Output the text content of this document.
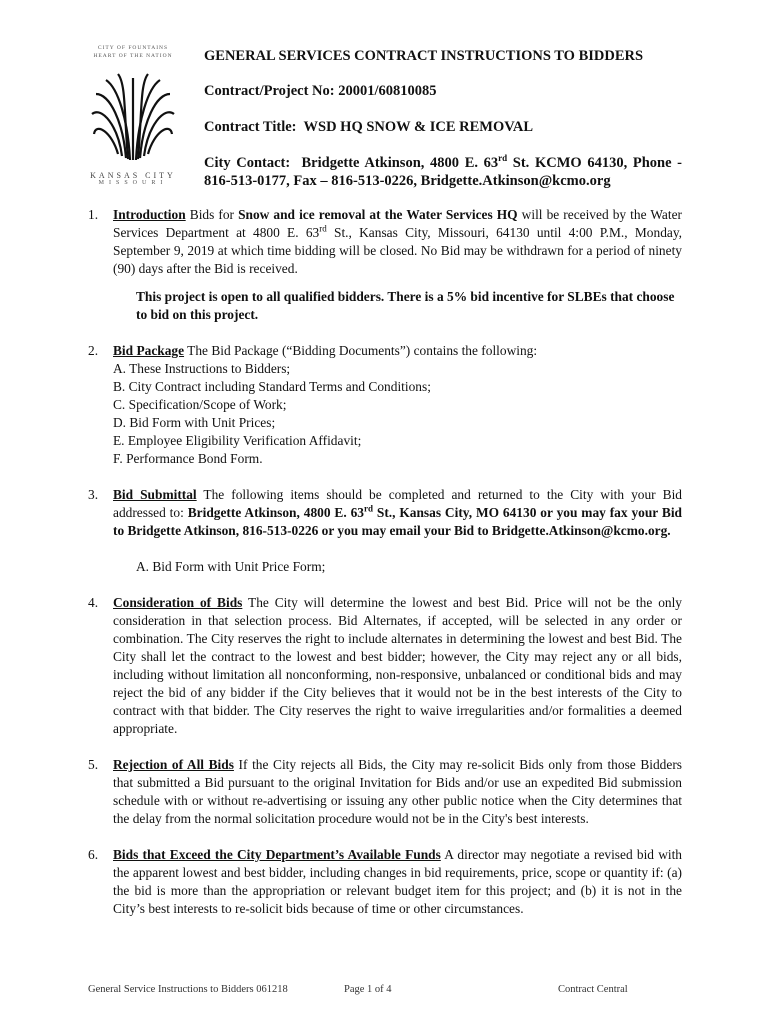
CITY OF FOUNTAINS
HEART OF THE NATION
KANSAS CITY
MISSOURI

GENERAL SERVICES CONTRACT INSTRUCTIONS TO BIDDERS

Contract/Project No: 20001/60810085

Contract Title: WSD HQ SNOW & ICE REMOVAL

City Contact: Bridgette Atkinson, 4800 E. 63rd St. KCMO 64130, Phone - 816-513-0177, Fax – 816-513-0226, Bridgette.Atkinson@kcmo.org

1. Introduction Bids for Snow and ice removal at the Water Services HQ will be received by the Water Services Department at 4800 E. 63rd St., Kansas City, Missouri, 64130 until 4:00 P.M., Monday, September 9, 2019 at which time bidding will be closed. No Bid may be withdrawn for a period of ninety (90) days after the Bid is received.
This project is open to all qualified bidders. There is a 5% bid incentive for SLBEs that choose to bid on this project.
2. Bid Package The Bid Package (“Bidding Documents”) contains the following:
A. These Instructions to Bidders;
B. City Contract including Standard Terms and Conditions;
C. Specification/Scope of Work;
D. Bid Form with Unit Prices;
E. Employee Eligibility Verification Affidavit;
F. Performance Bond Form.
3. Bid Submittal The following items should be completed and returned to the City with your Bid addressed to: Bridgette Atkinson, 4800 E. 63rd St., Kansas City, MO 64130 or you may fax your Bid to Bridgette Atkinson, 816-513-0226 or you may email your Bid to Bridgette.Atkinson@kcmo.org.
A. Bid Form with Unit Price Form;
4. Consideration of Bids The City will determine the lowest and best Bid. Price will not be the only consideration in that selection process. Bid Alternates, if accepted, will be selected in any order or combination. The City reserves the right to include alternates in determining the lowest and best Bid. The City shall let the contract to the lowest and best bidder; however, the City may reject any or all bids, including without limitation all nonconforming, non-responsive, unbalanced or conditional bids and may reject the bid of any bidder if the City believes that it would not be in the best interests of the City to contract with that bidder. The City reserves the right to waive irregularities and/or formalities a deemed appropriate.
5. Rejection of All Bids If the City rejects all Bids, the City may re-solicit Bids only from those Bidders that submitted a Bid pursuant to the original Invitation for Bids and/or use an expedited Bid submission schedule with or without re-advertising or issuing any other public notice when the City determines that the delay from the normal solicitation procedure would not be in the City's best interests.
6. Bids that Exceed the City Department’s Available Funds A director may negotiate a revised bid with the apparent lowest and best bidder, including changes in bid requirements, price, scope or quantity if: (a) the bid is more than the appropriation or relevant budget item for this project; and (b) it is not in the City’s best interests to re-solicit bids because of time or other circumstances.
General Service Instructions to Bidders 061218	Page 1 of 4	Contract Central
